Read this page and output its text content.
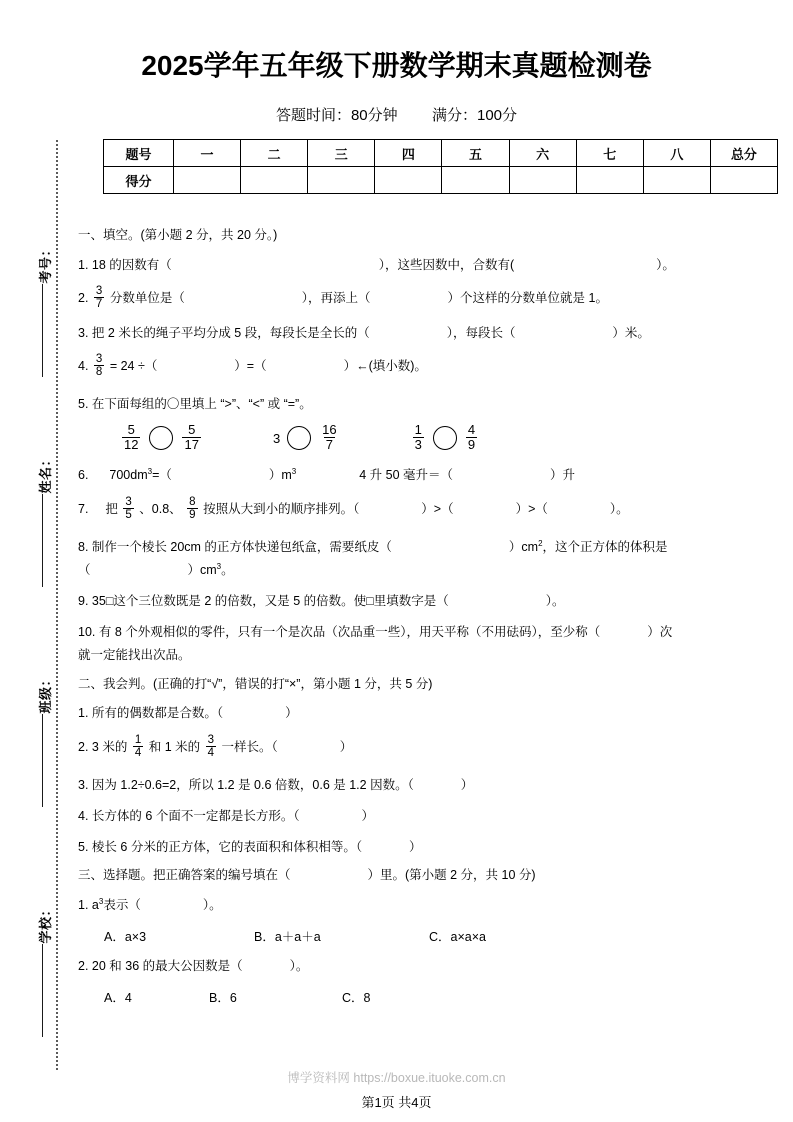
考号：
姓名：
班级：
学校：
2025学年五年级下册数学期末真题检测卷
答题时间：80分钟 满分：100分
题号	一	二	三	四	五	六	七	八	总分
得分									
一、填空。(第小题 2 分，共 20 分。)
1. 18 的因数有（	），这些因数中，合数有(	）。
2. $\frac{3}{7}$ 分数单位是（	），再添上（	）个这样的分数单位就是 1。
3. 把 2 米长的绳子平均分成 5 段，每段长是全长的（	），每段长（	）米。
4. $\frac{3}{8} = 24$ ÷（	）=（	）←(填小数)。
5. 在下面每组的〇里填上 “>”、“<” 或 “=”。
$\frac{5}{12}$	$\frac{5}{17}$	3	$\frac{16}{7}$	$\frac{1}{3}$	$\frac{4}{9}$
6. $700dm^3=$（	）$m^3$	4 升 50 毫升＝（	）升
7. 把 $\frac{3}{5}$ 、0.8、 $\frac{8}{9}$ 按照从大到小的顺序排列。（	）>（	）>（	）。
8. 制作一个棱长 20cm 的正方体快递包纸盒，需要纸皮（	）$cm^2$，这个正方体的体积是
（	）$cm^3$。
9. 35□这个三位数既是 2 的倍数，又是 5 的倍数。使□里填数字是（	）。
10. 有 8 个外观相似的零件，只有一个是次品（次品重一些），用天平称（不用砝码），至少称（	）次
就一定能找出次品。
二、我会判。(正确的打“√”，错误的打“×”，第小题 1 分，共 5 分)
1. 所有的偶数都是合数。（	）
2. 3 米的 $\frac{1}{4}$ 和 1 米的 $\frac{3}{4}$ 一样长。（	）
3. 因为 1.2÷0.6=2，所以 1.2 是 0.6 倍数，0.6 是 1.2 因数。（	）
4. 长方体的 6 个面不一定都是长方形。（	）
5. 棱长 6 分米的正方体，它的表面积和体积相等。（	）
三、选择题。把正确答案的编号填在（	）里。(第小题 2 分，共 10 分)
1. $a^3$表示（	）。
A．a×3	B．a＋a＋a	C．a×a×a
2. 20 和 36 的最大公因数是（	）。
A．4	B．6	C．8
博学资料网 https://boxue.ituoke.com.cn
第1页 共4页
